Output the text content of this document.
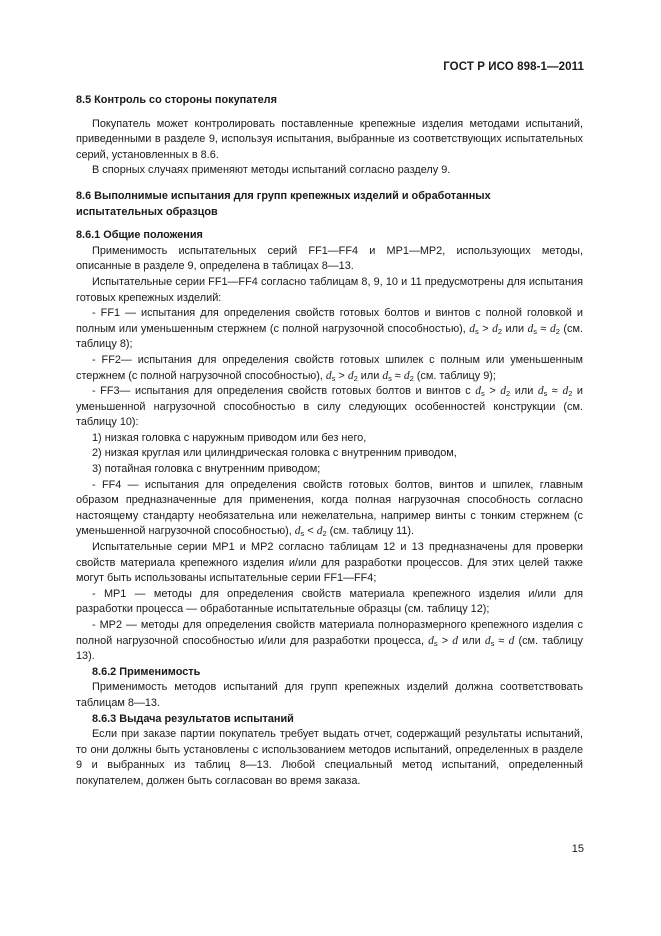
ГОСТ Р ИСО 898-1—2011

8.5 Контроль со стороны покупателя

Покупатель может контролировать поставленные крепежные изделия методами испытаний, приведенными в разделе 9, используя испытания, выбранные из соответствующих испытательных серий, установленных в 8.6.

В спорных случаях применяют методы испытаний согласно разделу 9.

8.6 Выполнимые испытания для групп крепежных изделий и обработанных
испытательных образцов

8.6.1 Общие положения

Применимость испытательных серий FF1—FF4 и MP1—MP2, использующих методы, описанные в разделе 9, определена в таблицах 8—13.

Испытательные серии FF1—FF4 согласно таблицам 8, 9, 10 и 11 предусмотрены для испытания готовых крепежных изделий:

- FF1 — испытания для определения свойств готовых болтов и винтов с полной головкой и полным или уменьшенным стержнем (с полной нагрузочной способностью), $d_s > d_2$ или $d_s \approx d_2$ (см. таблицу 8);

- FF2— испытания для определения свойств готовых шпилек с полным или уменьшенным стержнем (с полной нагрузочной способностью), $d_s > d_2$ или $d_s \approx d_2$ (см. таблицу 9);

- FF3— испытания для определения свойств готовых болтов и винтов с $d_s > d_2$ или $d_s \approx d_2$ и уменьшенной нагрузочной способностью в силу следующих особенностей конструкции (см. таблицу 10):

1) низкая головка с наружным приводом или без него,

2) низкая круглая или цилиндрическая головка с внутренним приводом,

3) потайная головка с внутренним приводом;

- FF4 — испытания для определения свойств готовых болтов, винтов и шпилек, главным образом предназначенные для применения, когда полная нагрузочная способность согласно настоящему стандарту необязательна или нежелательна, например винты с тонким стержнем (с уменьшенной нагрузочной способностью), $d_s < d_2$ (см. таблицу 11).

Испытательные серии MP1 и MP2 согласно таблицам 12 и 13 предназначены для проверки свойств материала крепежного изделия и/или для разработки процессов. Для этих целей также могут быть использованы испытательные серии FF1—FF4;

- MP1 — методы для определения свойств материала крепежного изделия и/или для разработки процесса — обработанные испытательные образцы (см. таблицу 12);

- MP2 — методы для определения свойств материала полноразмерного крепежного изделия с полной нагрузочной способностью и/или для разработки процесса, $d_s > d$ или $d_s \approx d$ (см. таблицу 13).

8.6.2 Применимость

Применимость методов испытаний для групп крепежных изделий должна соответствовать таблицам 8—13.

8.6.3 Выдача результатов испытаний

Если при заказе партии покупатель требует выдать отчет, содержащий результаты испытаний, то они должны быть установлены с использованием методов испытаний, определенных в разделе 9 и выбранных из таблиц 8—13. Любой специальный метод испытаний, определенный покупателем, должен быть согласован во время заказа.

15
